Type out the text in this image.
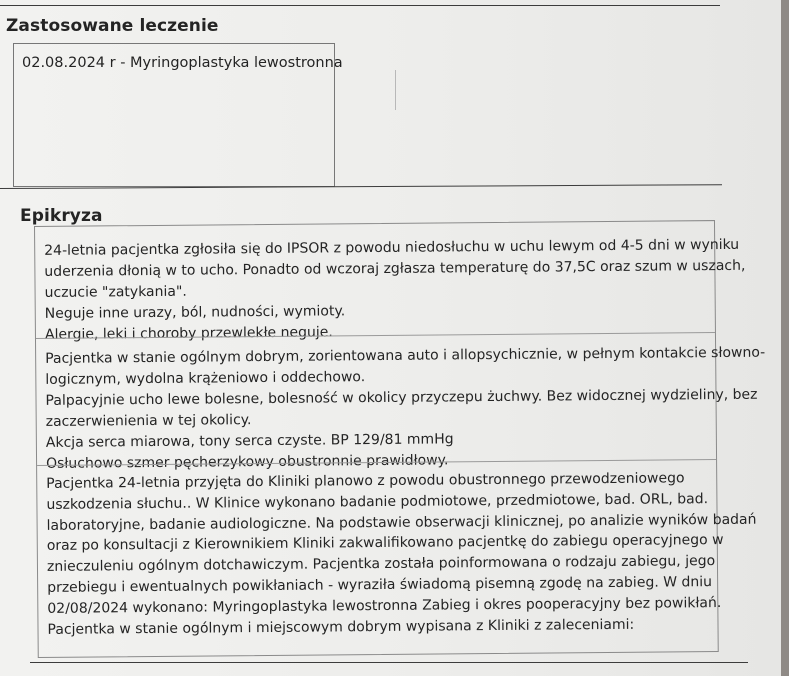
Zastosowane leczenie
02.08.2024 r - Myringoplastyka lewostronna
Epikryza
24-letnia pacjentka zgłosiła się do IPSOR z powodu niedosłuchu w uchu lewym od 4-5 dni w wyniku
uderzenia dłonią w to ucho. Ponadto od wczoraj zgłasza temperaturę do 37,5C oraz szum w uszach,
uczucie "zatykania".
Neguje inne urazy, ból, nudności, wymioty.
Alergie, leki i choroby przewlekłe neguje.
Pacjentka w stanie ogólnym dobrym, zorientowana auto i allopsychicznie, w pełnym kontakcie słowno-
logicznym, wydolna krążeniowo i oddechowo.
Palpacyjnie ucho lewe bolesne, bolesność w okolicy przyczepu żuchwy. Bez widocznej wydzieliny, bez
zaczerwienienia w tej okolicy.
Akcja serca miarowa, tony serca czyste. BP 129/81 mmHg
Osłuchowo szmer pęcherzykowy obustronnie prawidłowy.
Pacjentka 24-letnia przyjęta do Kliniki planowo z powodu obustronnego przewodzeniowego
uszkodzenia słuchu.. W Klinice wykonano badanie podmiotowe, przedmiotowe, bad. ORL, bad.
laboratoryjne, badanie audiologiczne. Na podstawie obserwacji klinicznej, po analizie wyników badań
oraz po konsultacji z Kierownikiem Kliniki zakwalifikowano pacjentkę do zabiegu operacyjnego w
znieczuleniu ogólnym dotchawiczym. Pacjentka została poinformowana o rodzaju zabiegu, jego
przebiegu i ewentualnych powikłaniach - wyraziła świadomą pisemną zgodę na zabieg. W dniu
02/08/2024 wykonano: Myringoplastyka lewostronna Zabieg i okres pooperacyjny bez powikłań.
Pacjentka w stanie ogólnym i miejscowym dobrym wypisana z Kliniki z zaleceniami:
